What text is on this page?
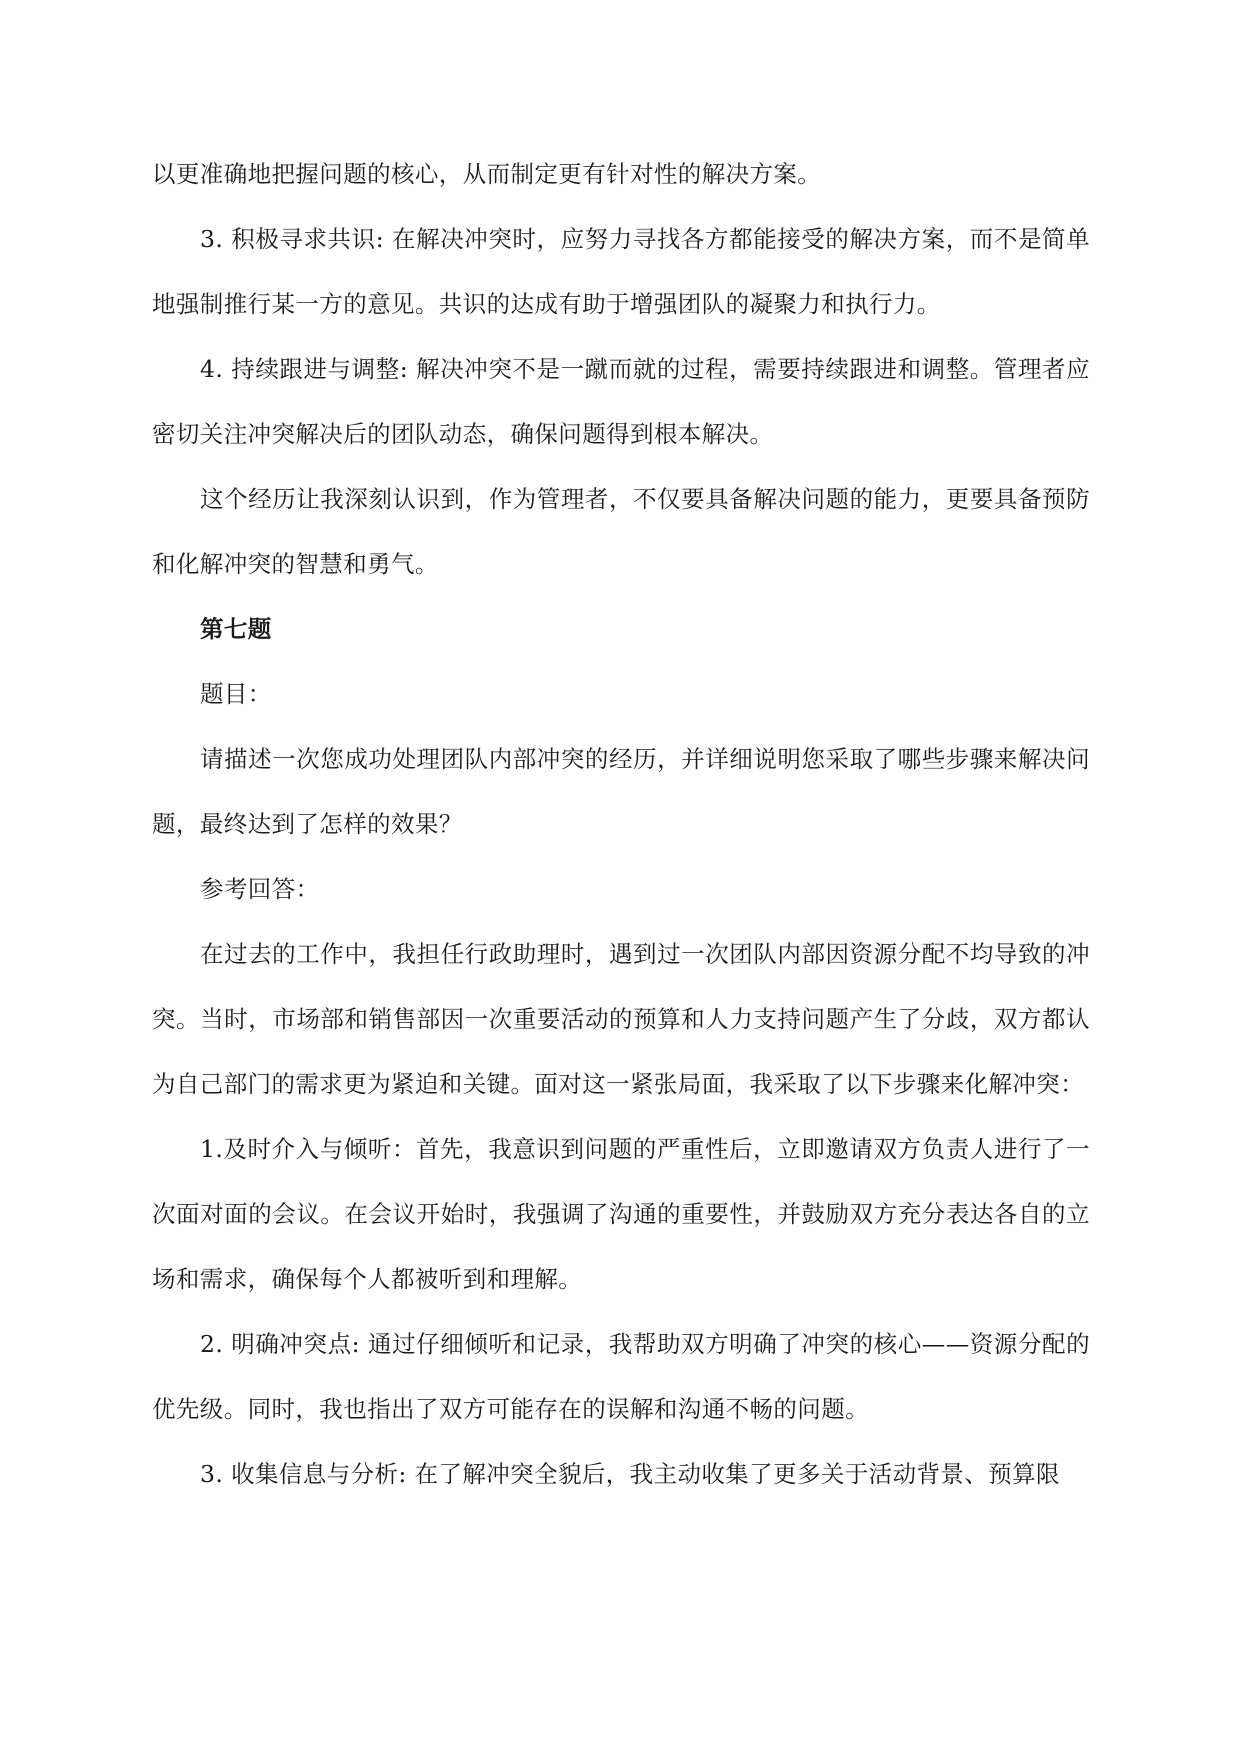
以更准确地把握问题的核心，从而制定更有针对性的解决方案。

3. 积极寻求共识: 在解决冲突时，应努力寻找各方都能接受的解决方案，而不是简单地强制推行某一方的意见。共识的达成有助于增强团队的凝聚力和执行力。

4. 持续跟进与调整: 解决冲突不是一蹴而就的过程，需要持续跟进和调整。管理者应密切关注冲突解决后的团队动态，确保问题得到根本解决。

这个经历让我深刻认识到，作为管理者，不仅要具备解决问题的能力，更要具备预防和化解冲突的智慧和勇气。

第七题

题目：

请描述一次您成功处理团队内部冲突的经历，并详细说明您采取了哪些步骤来解决问题，最终达到了怎样的效果？

参考回答：

在过去的工作中，我担任行政助理时，遇到过一次团队内部因资源分配不均导致的冲突。当时，市场部和销售部因一次重要活动的预算和人力支持问题产生了分歧，双方都认为自己部门的需求更为紧迫和关键。面对这一紧张局面，我采取了以下步骤来化解冲突：

1.及时介入与倾听：首先，我意识到问题的严重性后，立即邀请双方负责人进行了一次面对面的会议。在会议开始时，我强调了沟通的重要性，并鼓励双方充分表达各自的立场和需求，确保每个人都被听到和理解。

2. 明确冲突点: 通过仔细倾听和记录，我帮助双方明确了冲突的核心——资源分配的优先级。同时，我也指出了双方可能存在的误解和沟通不畅的问题。

3. 收集信息与分析: 在了解冲突全貌后，我主动收集了更多关于活动背景、预算限
